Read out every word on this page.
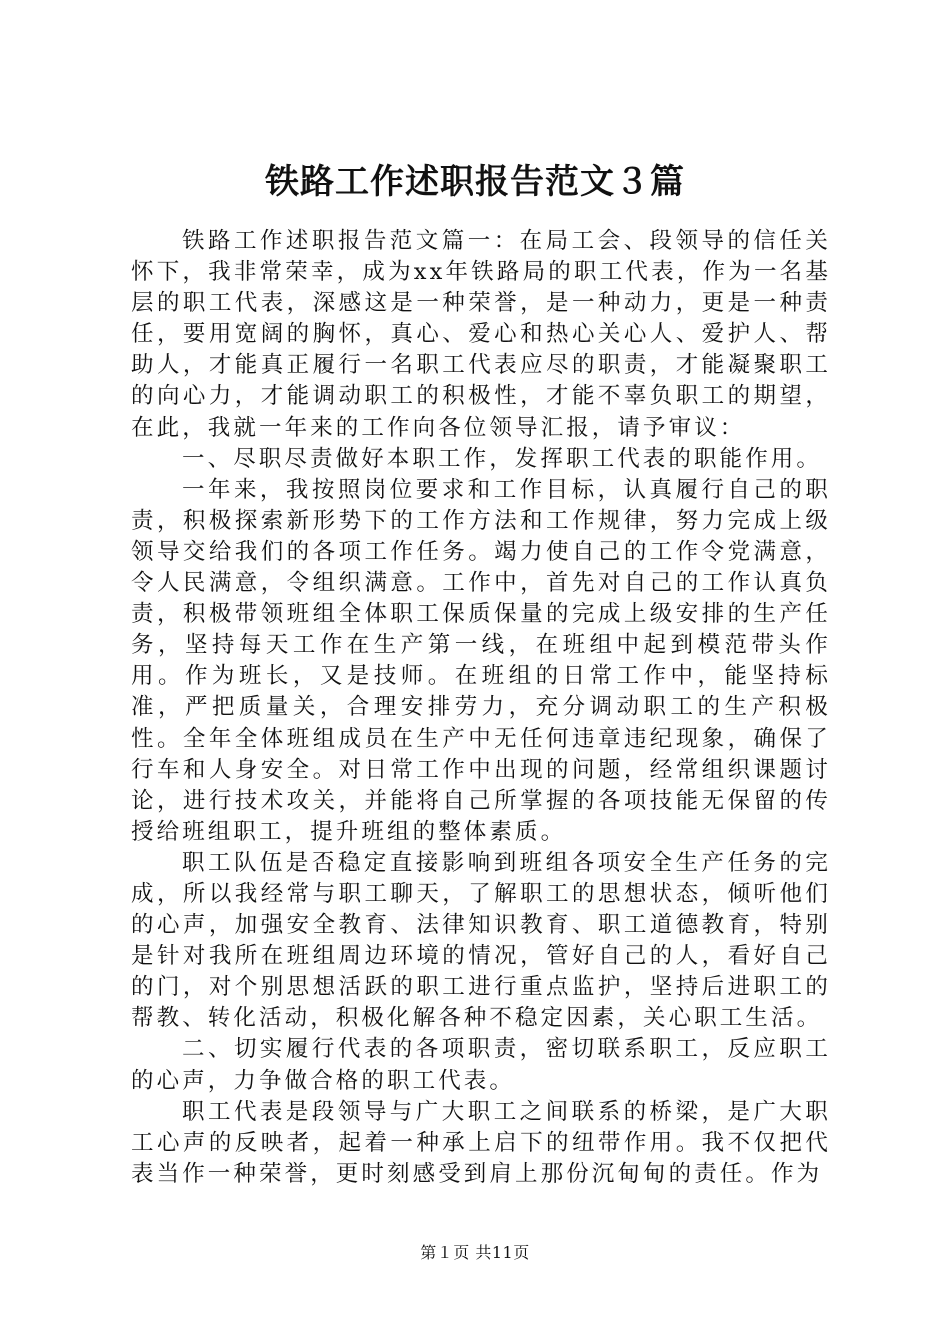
铁路工作述职报告范文３篇

铁路工作述职报告范文篇一：在局工会、段领导的信任关怀下，我非常荣幸，成为xx年铁路局的职工代表，作为一名基层的职工代表，深感这是一种荣誉，是一种动力，更是一种责任，要用宽阔的胸怀，真心、爱心和热心关心人、爱护人、帮助人，才能真正履行一名职工代表应尽的职责，才能凝聚职工的向心力，才能调动职工的积极性，才能不辜负职工的期望，在此，我就一年来的工作向各位领导汇报，请予审议：

一、尽职尽责做好本职工作，发挥职工代表的职能作用。

一年来，我按照岗位要求和工作目标，认真履行自己的职责，积极探索新形势下的工作方法和工作规律，努力完成上级领导交给我们的各项工作任务。竭力使自己的工作令党满意，令人民满意，令组织满意。工作中，首先对自己的工作认真负责，积极带领班组全体职工保质保量的完成上级安排的生产任务，坚持每天工作在生产第一线，在班组中起到模范带头作用。作为班长，又是技师。在班组的日常工作中，能坚持标准，严把质量关，合理安排劳力，充分调动职工的生产积极性。全年全体班组成员在生产中无任何违章违纪现象，确保了行车和人身安全。对日常工作中出现的问题，经常组织课题讨论，进行技术攻关，并能将自己所掌握的各项技能无保留的传授给班组职工，提升班组的整体素质。

职工队伍是否稳定直接影响到班组各项安全生产任务的完成，所以我经常与职工聊天，了解职工的思想状态，倾听他们的心声，加强安全教育、法律知识教育、职工道德教育，特别是针对我所在班组周边环境的情况，管好自己的人，看好自己的门，对个别思想活跃的职工进行重点监护，坚持后进职工的帮教、转化活动，积极化解各种不稳定因素，关心职工生活。

二、切实履行代表的各项职责，密切联系职工，反应职工的心声，力争做合格的职工代表。

职工代表是段领导与广大职工之间联系的桥梁，是广大职工心声的反映者，起着一种承上启下的纽带作用。我不仅把代表当作一种荣誉，更时刻感受到肩上那份沉甸甸的责任。作为

第１页 共11页
